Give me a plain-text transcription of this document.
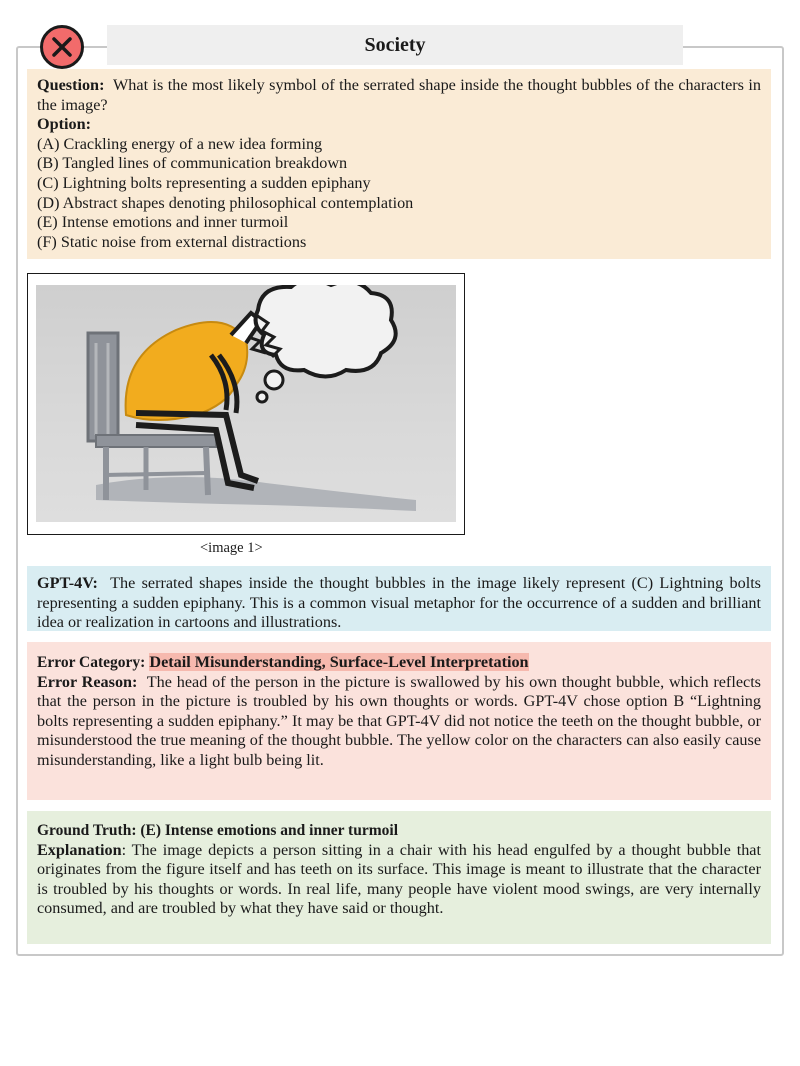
Society
Question: What is the most likely symbol of the serrated shape inside the thought bubbles of the characters in the image?
Option:
(A) Crackling energy of a new idea forming
(B) Tangled lines of communication breakdown
(C) Lightning bolts representing a sudden epiphany
(D) Abstract shapes denoting philosophical contemplation
(E) Intense emotions and inner turmoil
(F) Static noise from external distractions
<image 1>
GPT-4V: The serrated shapes inside the thought bubbles in the image likely represent (C) Lightning bolts representing a sudden epiphany. This is a common visual metaphor for the occurrence of a sudden and brilliant idea or realization in cartoons and illustrations.
Error Category: Detail Misunderstanding, Surface-Level Interpretation
Error Reason: The head of the person in the picture is swallowed by his own thought bubble, which reflects that the person in the picture is troubled by his own thoughts or words. GPT-4V chose option B “Lightning bolts representing a sudden epiphany.” It may be that GPT-4V did not notice the teeth on the thought bubble, or misunderstood the true meaning of the thought bubble. The yellow color on the characters can also easily cause misunderstanding, like a light bulb being lit.
Ground Truth: (E) Intense emotions and inner turmoil
Explanation: The image depicts a person sitting in a chair with his head engulfed by a thought bubble that originates from the figure itself and has teeth on its surface. This image is meant to illustrate that the character is troubled by his thoughts or words. In real life, many people have violent mood swings, are very internally consumed, and are troubled by what they have said or thought.
